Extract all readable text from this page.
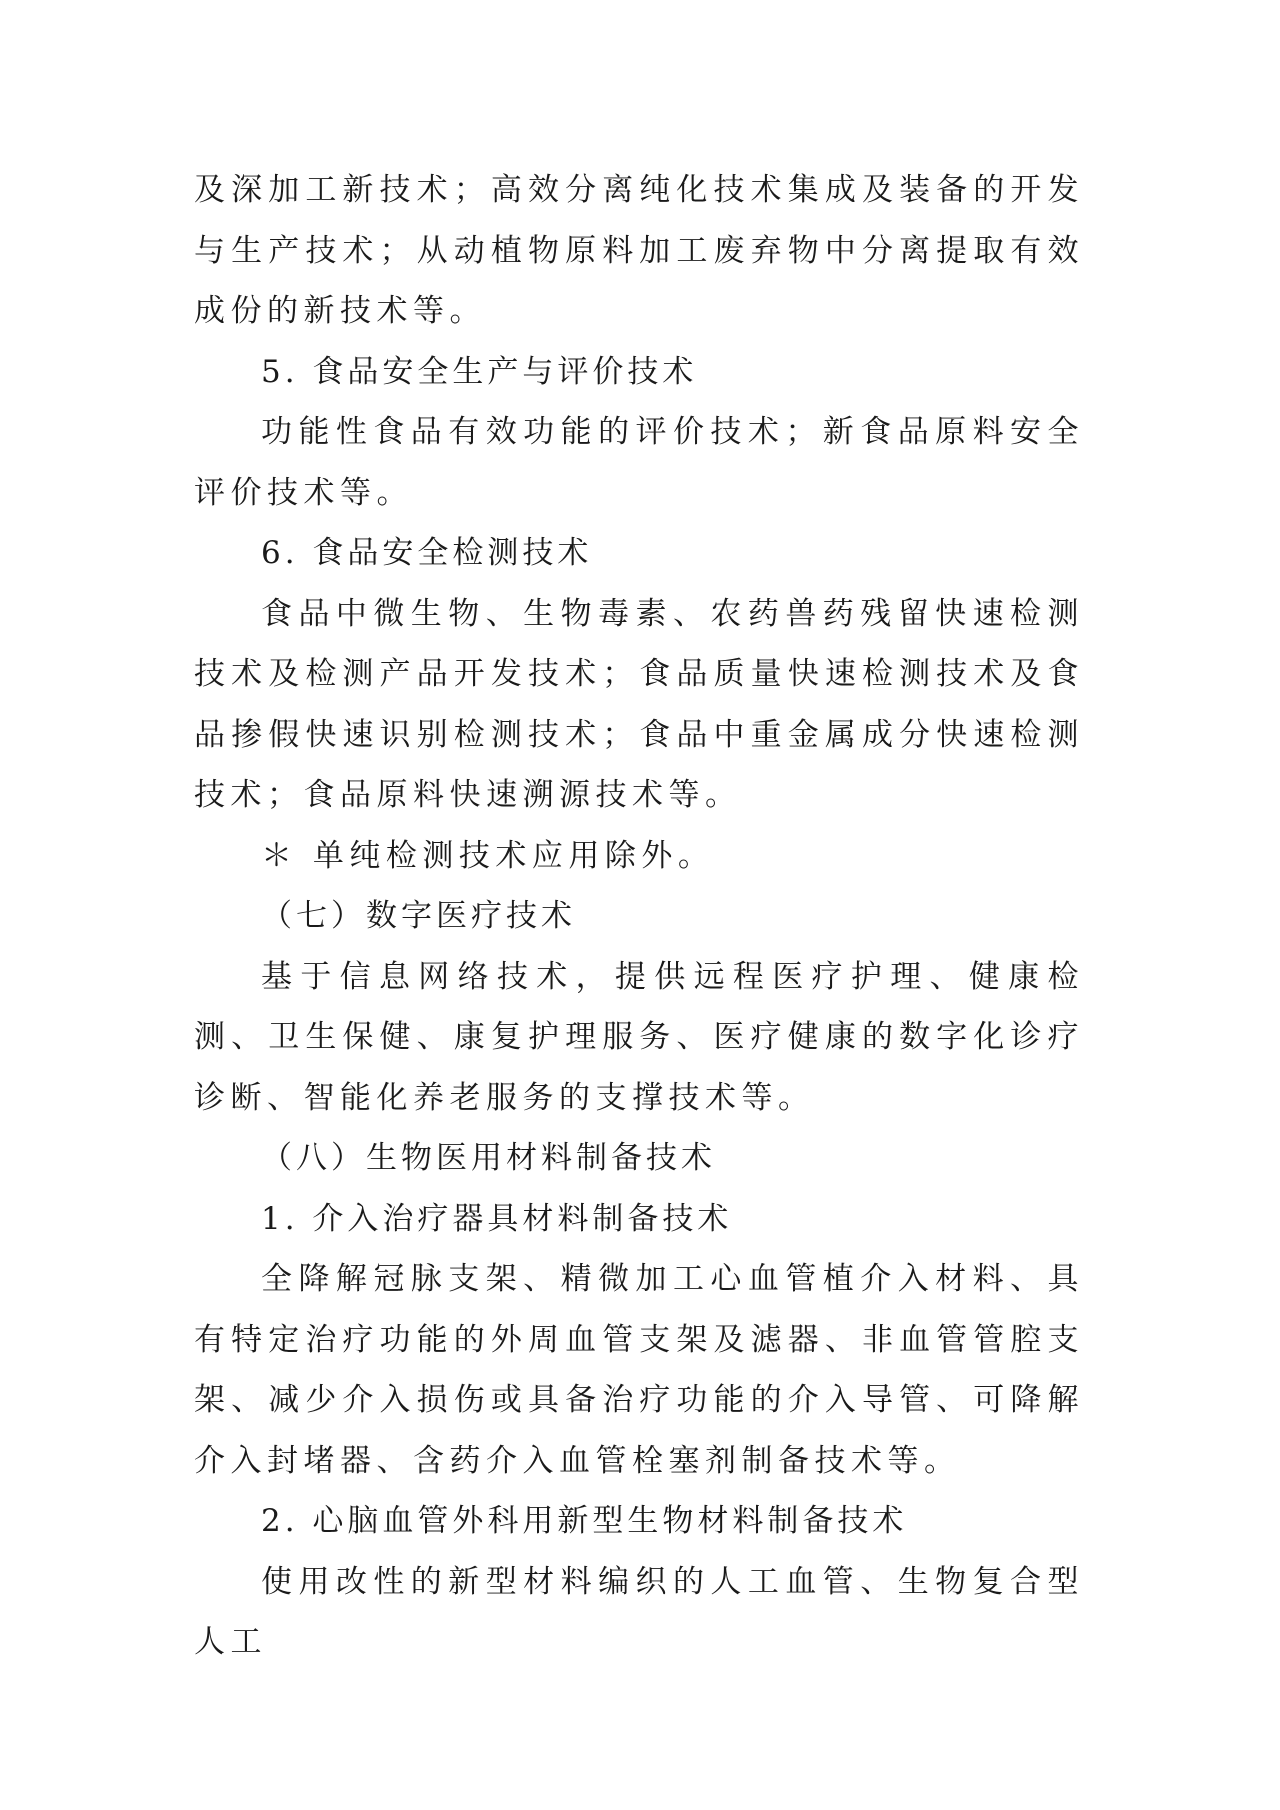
及深加工新技术；高效分离纯化技术集成及装备的开发与生产技术；从动植物原料加工废弃物中分离提取有效成份的新技术等。

5. 食品安全生产与评价技术

功能性食品有效功能的评价技术；新食品原料安全评价技术等。

6. 食品安全检测技术

食品中微生物、生物毒素、农药兽药残留快速检测技术及检测产品开发技术；食品质量快速检测技术及食品掺假快速识别检测技术；食品中重金属成分快速检测技术；食品原料快速溯源技术等。

＊ 单纯检测技术应用除外。

（七）数字医疗技术

基于信息网络技术，提供远程医疗护理、健康检测、卫生保健、康复护理服务、医疗健康的数字化诊疗诊断、智能化养老服务的支撑技术等。

（八）生物医用材料制备技术

1. 介入治疗器具材料制备技术

全降解冠脉支架、精微加工心血管植介入材料、具有特定治疗功能的外周血管支架及滤器、非血管管腔支架、减少介入损伤或具备治疗功能的介入导管、可降解介入封堵器、含药介入血管栓塞剂制备技术等。

2. 心脑血管外科用新型生物材料制备技术

使用改性的新型材料编织的人工血管、生物复合型人工
